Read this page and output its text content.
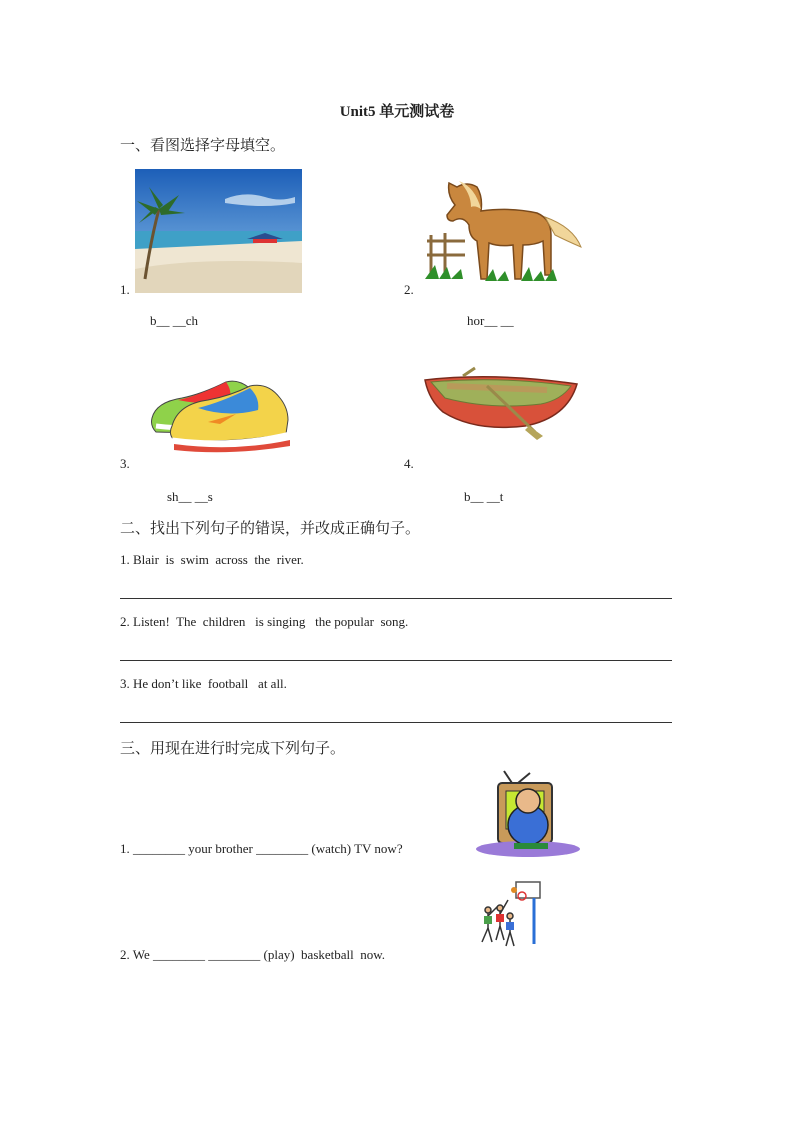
Unit5 单元测试卷
一、看图选择字母填空。
1.
b__ __ch
2.
hor__ __
3.
sh__ __s
4.
b__ __t
二、找出下列句子的错误，并改成正确句子。
1. Blair  is  swim  across  the  river.
2. Listen!  The  children   is singing   the popular  song.
3. He don’t like  football   at all.
三、用现在进行时完成下列句子。
1. ________ your brother ________ (watch) TV now?
2. We ________ ________ (play)  basketball  now.
